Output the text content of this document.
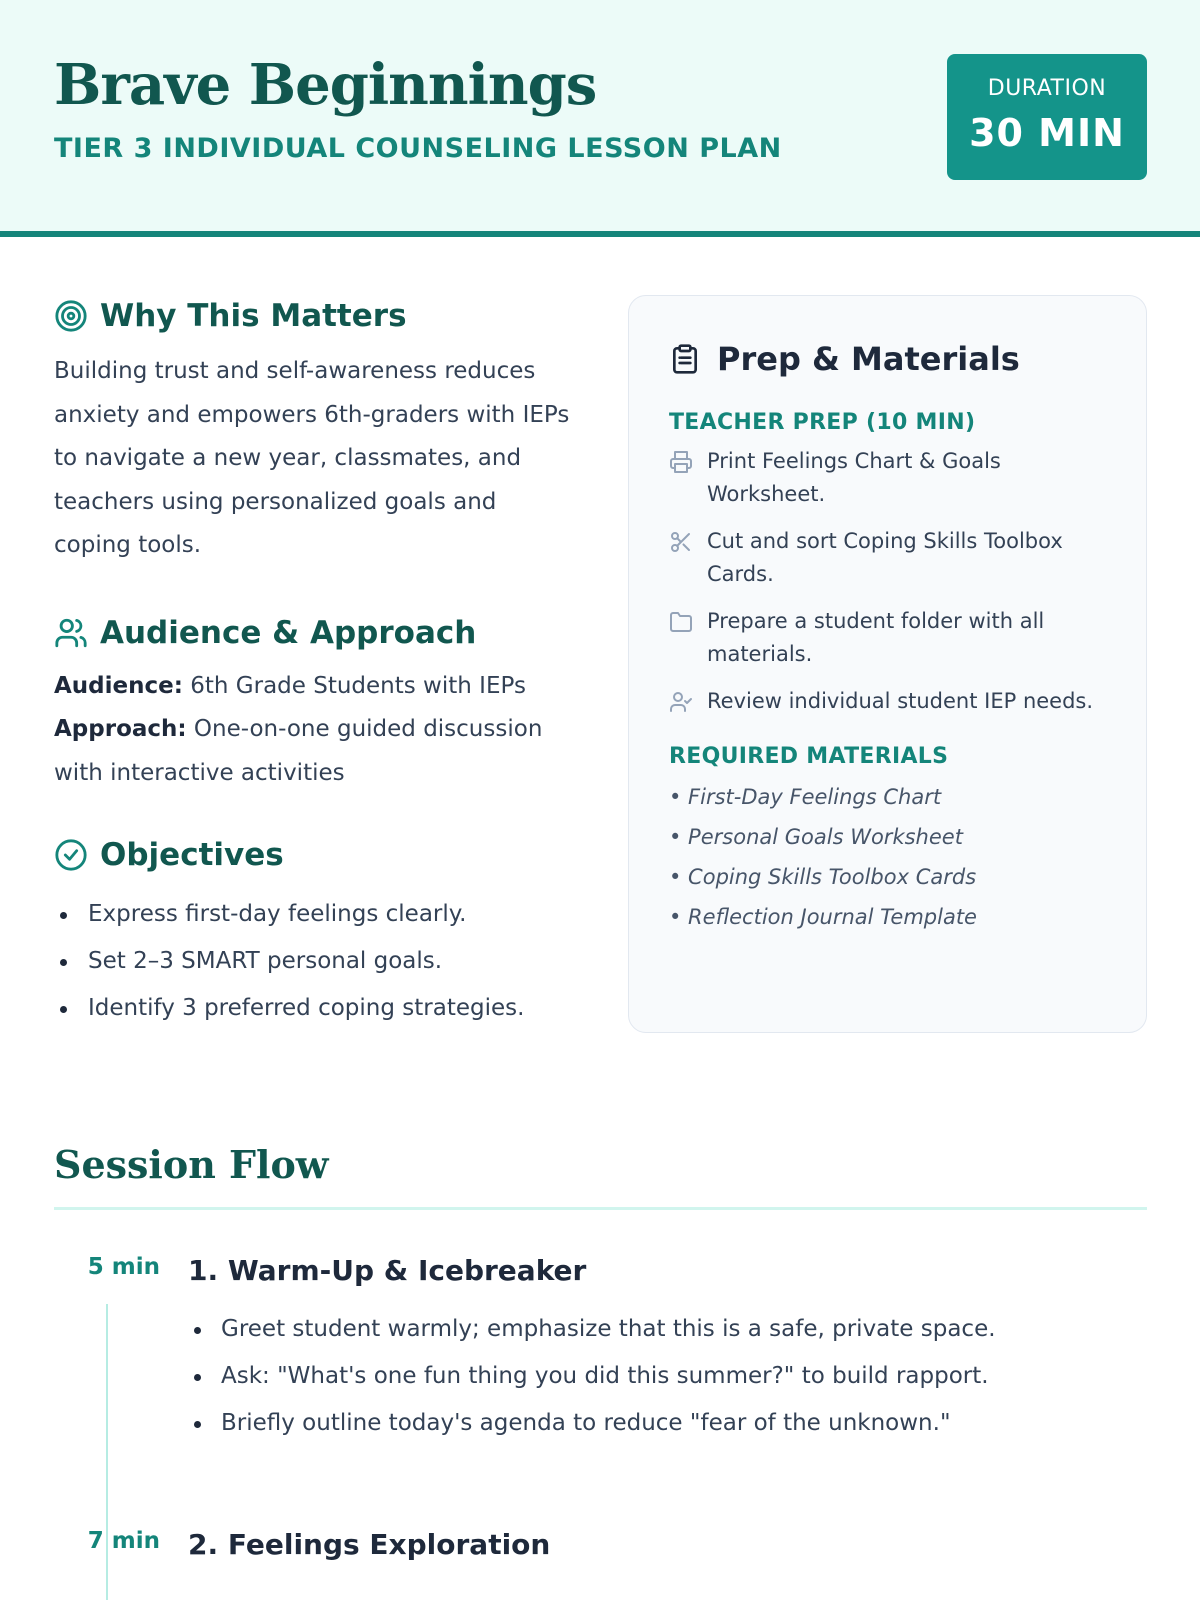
Brave Beginnings
TIER 3 INDIVIDUAL COUNSELING LESSON PLAN
DURATION
30 MIN
Why This Matters

Building trust and self-awareness reduces anxiety and empowers 6th-graders with IEPs to navigate a new year, classmates, and teachers using personalized goals and coping tools.

Audience & Approach
Audience: 6th Grade Students with IEPs
Approach: One-on-one guided discussion with interactive activities
Objectives
Express first-day feelings clearly.
Set 2–3 SMART personal goals.
Identify 3 preferred coping strategies.
Prep & Materials
TEACHER PREP (10 MIN)
Print Feelings Chart & Goals Worksheet.
Cut and sort Coping Skills Toolbox Cards.
Prepare a student folder with all materials.
Review individual student IEP needs.
REQUIRED MATERIALS
• First-Day Feelings Chart
• Personal Goals Worksheet
• Coping Skills Toolbox Cards
• Reflection Journal Template
Session Flow
5 min 1. Warm-Up & Icebreaker
Greet student warmly; emphasize that this is a safe, private space.
Ask: "What's one fun thing you did this summer?" to build rapport.
Briefly outline today's agenda to reduce "fear of the unknown."
7 min 2. Feelings Exploration
